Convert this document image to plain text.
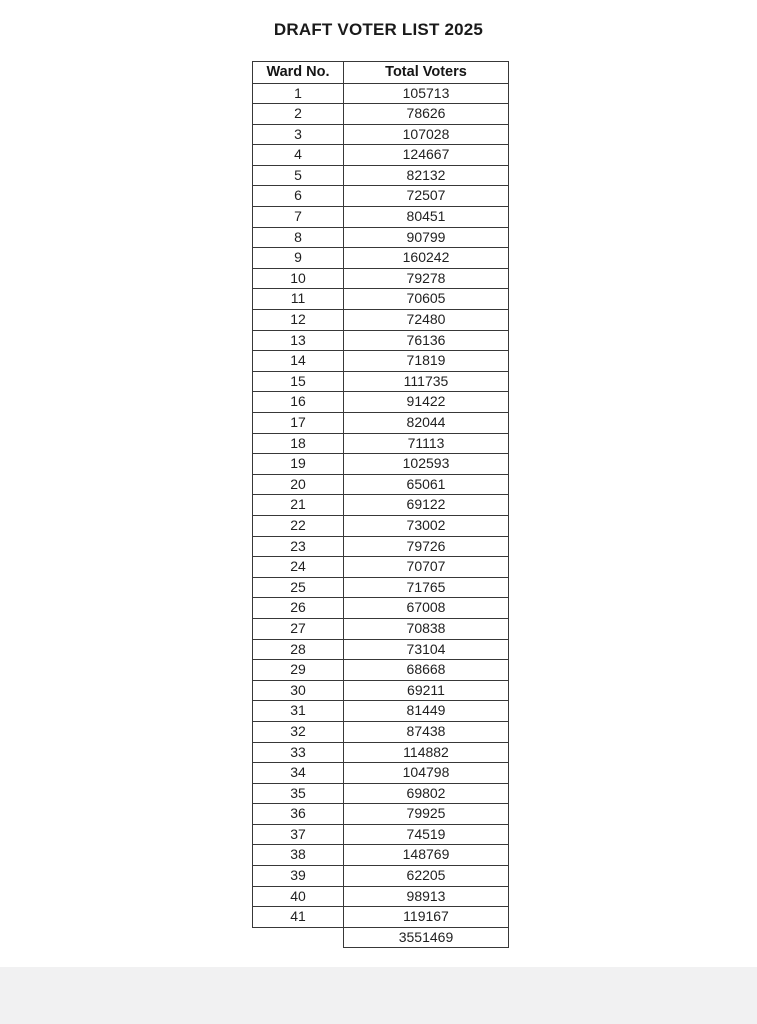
DRAFT VOTER LIST 2025
Ward No.	Total Voters
1	105713
2	78626
3	107028
4	124667
5	82132
6	72507
7	80451
8	90799
9	160242
10	79278
11	70605
12	72480
13	76136
14	71819
15	111735
16	91422
17	82044
18	71113
19	102593
20	65061
21	69122
22	73002
23	79726
24	70707
25	71765
26	67008
27	70838
28	73104
29	68668
30	69211
31	81449
32	87438
33	114882
34	104798
35	69802
36	79925
37	74519
38	148769
39	62205
40	98913
41	119167
	3551469
